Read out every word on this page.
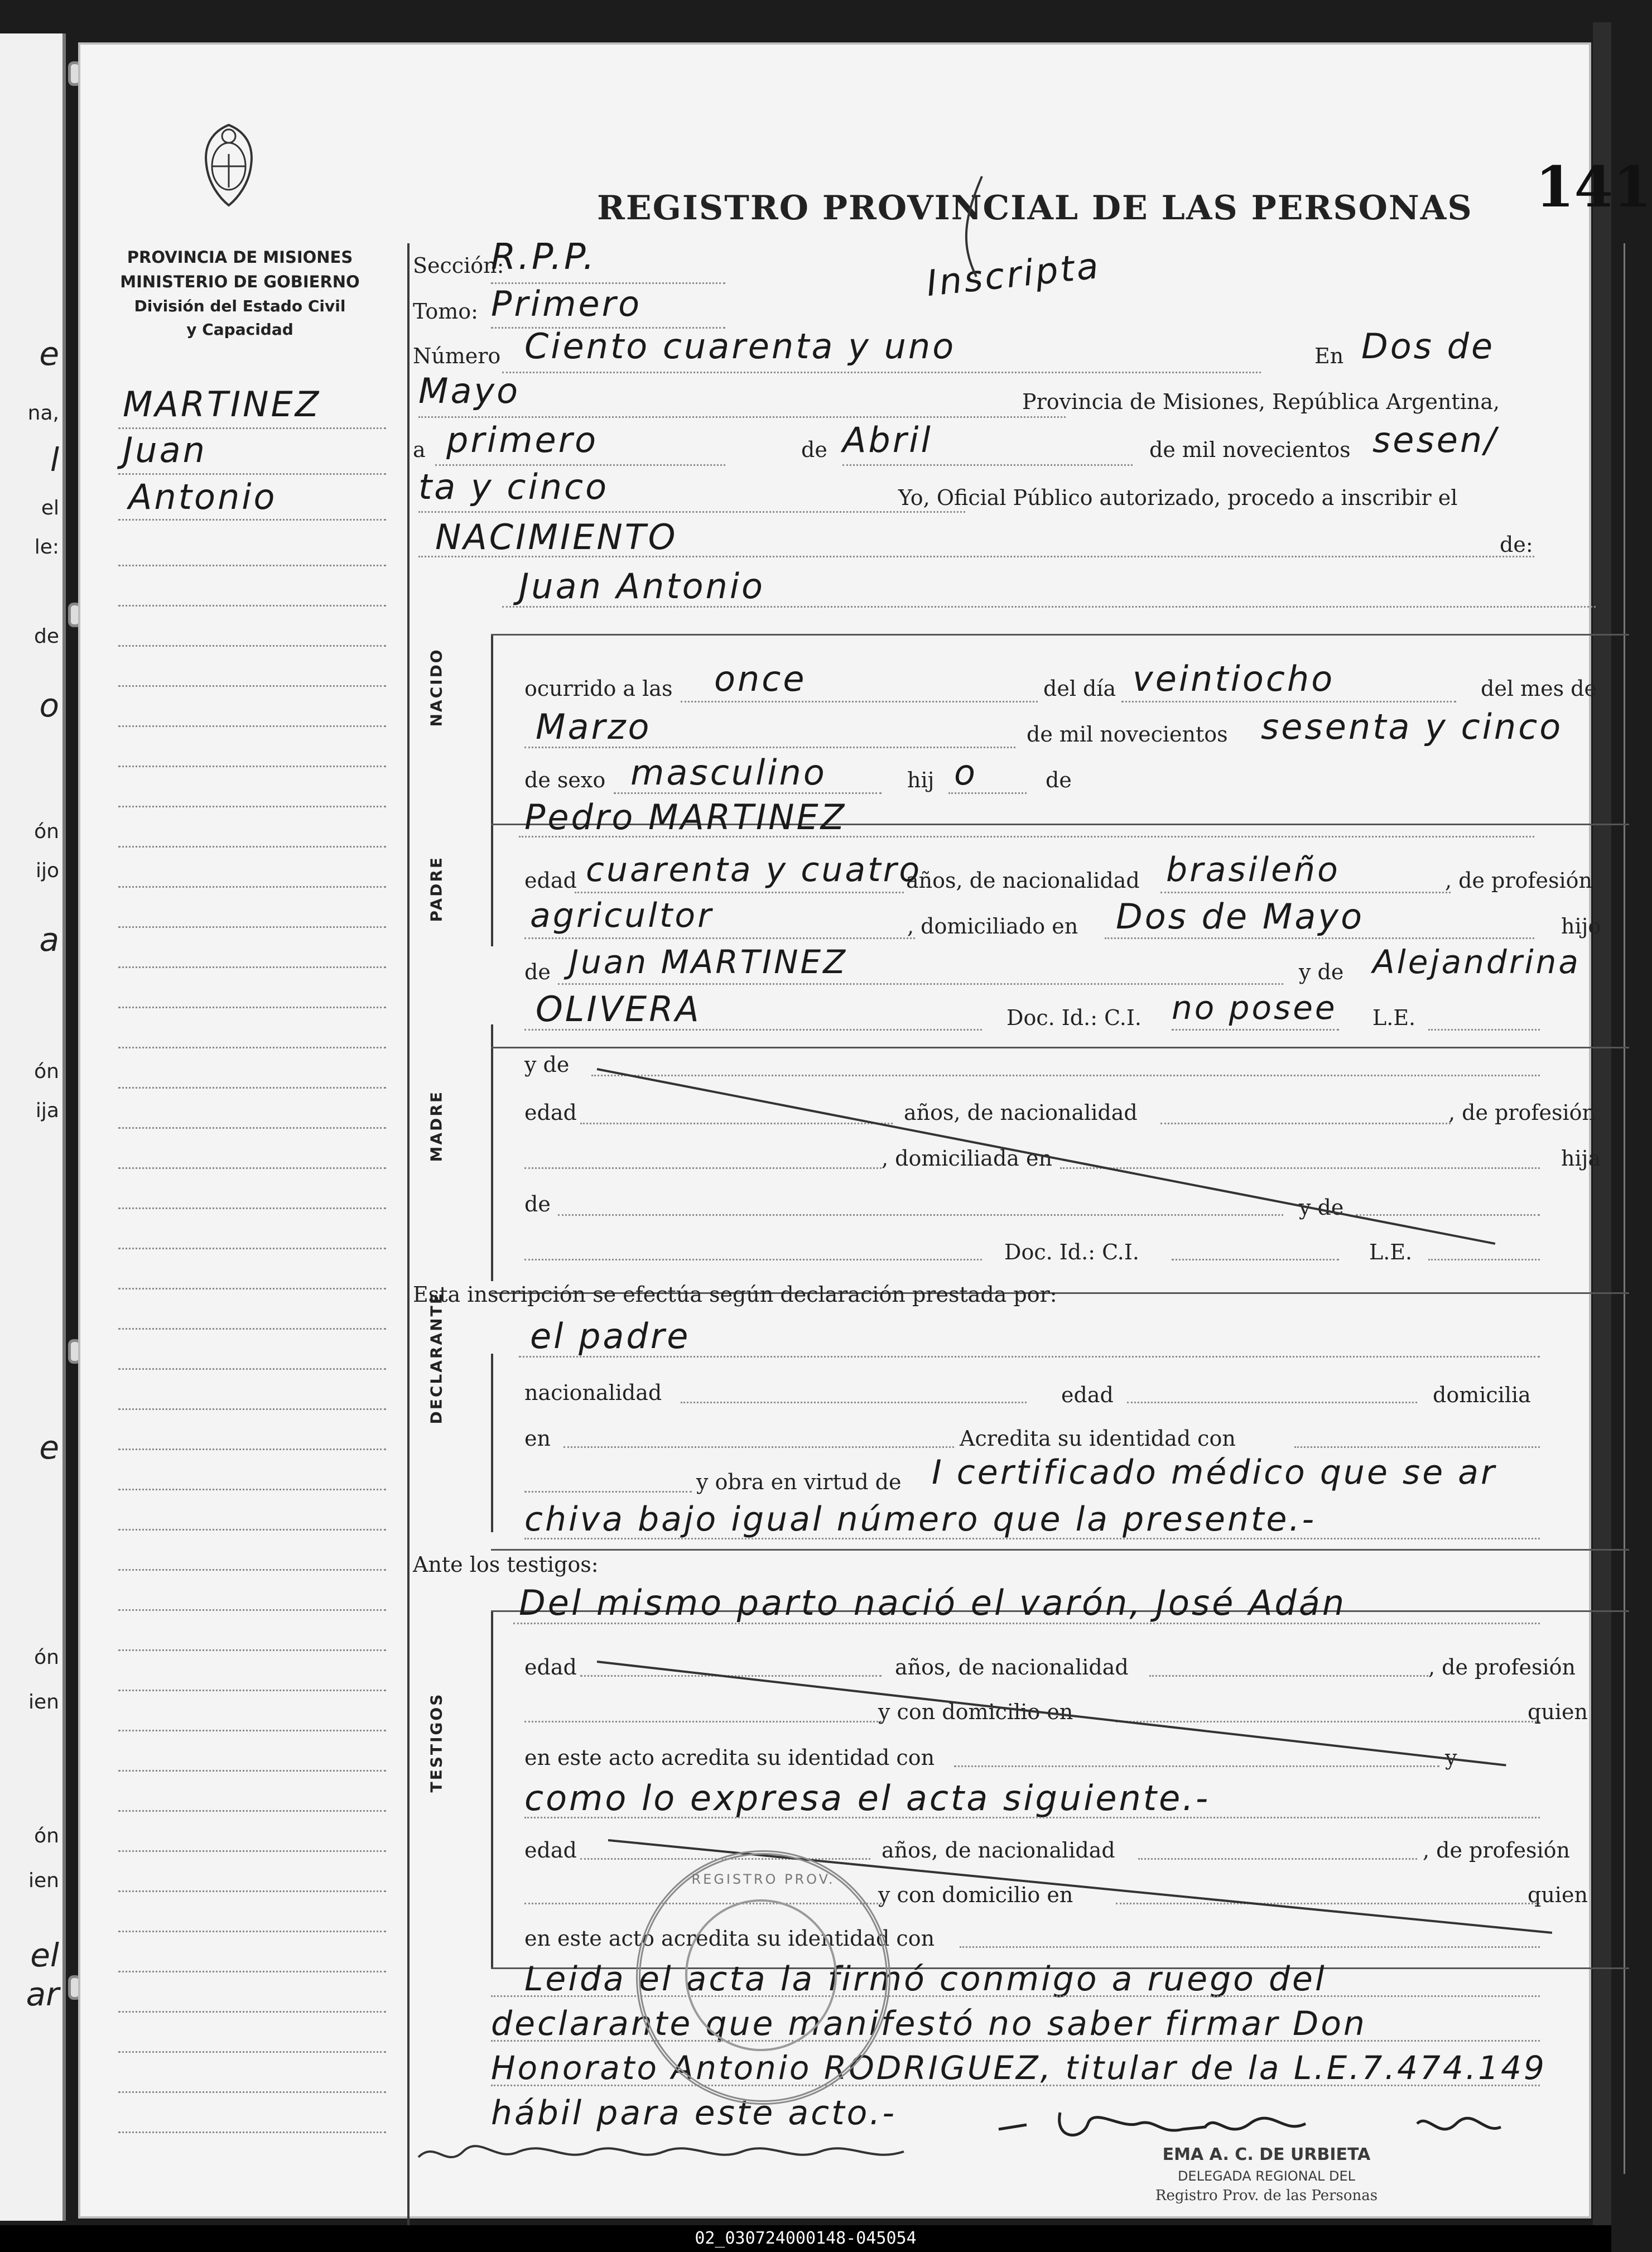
e
na,
l
el
le:
de
o
ón
ijo
a
ón
ija
e
ón
ien
ón
ien
el
ar
PROVINCIA DE MISIONES
MINISTERIO DE GOBIERNO
División del Estado Civil
y Capacidad
MARTINEZ
Juan
Antonio
REGISTRO PROVINCIAL DE LAS PERSONAS 141
Inscripta
Sección:
R.P.P.
Tomo: Primero
Número Ciento cuarenta y uno	En Dos de
Mayo	Provincia de Misiones, República Argentina,
a primero	de Abril	de mil novecientos sesen/
ta y cinco	Yo, Oficial Público autorizado, procedo a inscribir el
NACIMIENTO	de:
NACIDO
Juan Antonio
ocurrido a las once	del día veintiocho	del mes de
Marzo	de mil novecientos sesenta y cinco
de sexo masculino	hij o	de
PADRE
Pedro MARTINEZ
edad cuarenta y cuatro
años, de nacionalidad brasileño	, de profesión
agricultor	, domiciliado en Dos de Mayo	hijo
de Juan MARTINEZ	y de Alejandrina
OLIVERA	Doc. Id.: C.I. no posee L.E.
MADRE
y de
edad	años, de nacionalidad	, de profesión
, domiciliada en	hija
de	y de
Doc. Id.: C.I.	L.E.
Esta inscripción se efectúa según declaración prestada por:
DECLARANTE el padre
nacionalidad	edad	domicilia
en	Acredita su identidad con
y obra en virtud de I certificado médico que se ar
chiva bajo igual número que la presente.-
Ante los testigos:
TESTIGOS
Del mismo parto nació el varón, José Adán
edad	años, de nacionalidad	, de profesión
y con domicilio en	quien
en este acto acredita su identidad con	y
como lo expresa el acta siguiente.-
edad	años, de nacionalidad	, de profesión
y con domicilio en	quien
en este acto acredita su identidad con
Leida el acta la firmó conmigo a ruego del
declarante que manifestó no saber firmar Don
Honorato Antonio RODRIGUEZ, titular de la L.E.7.474.149
hábil para este acto.-
REGISTRO PROV.
EMA A. C. DE URBIETA
DELEGADA REGIONAL DEL
Registro Prov. de las Personas
02_030724000148-045054
